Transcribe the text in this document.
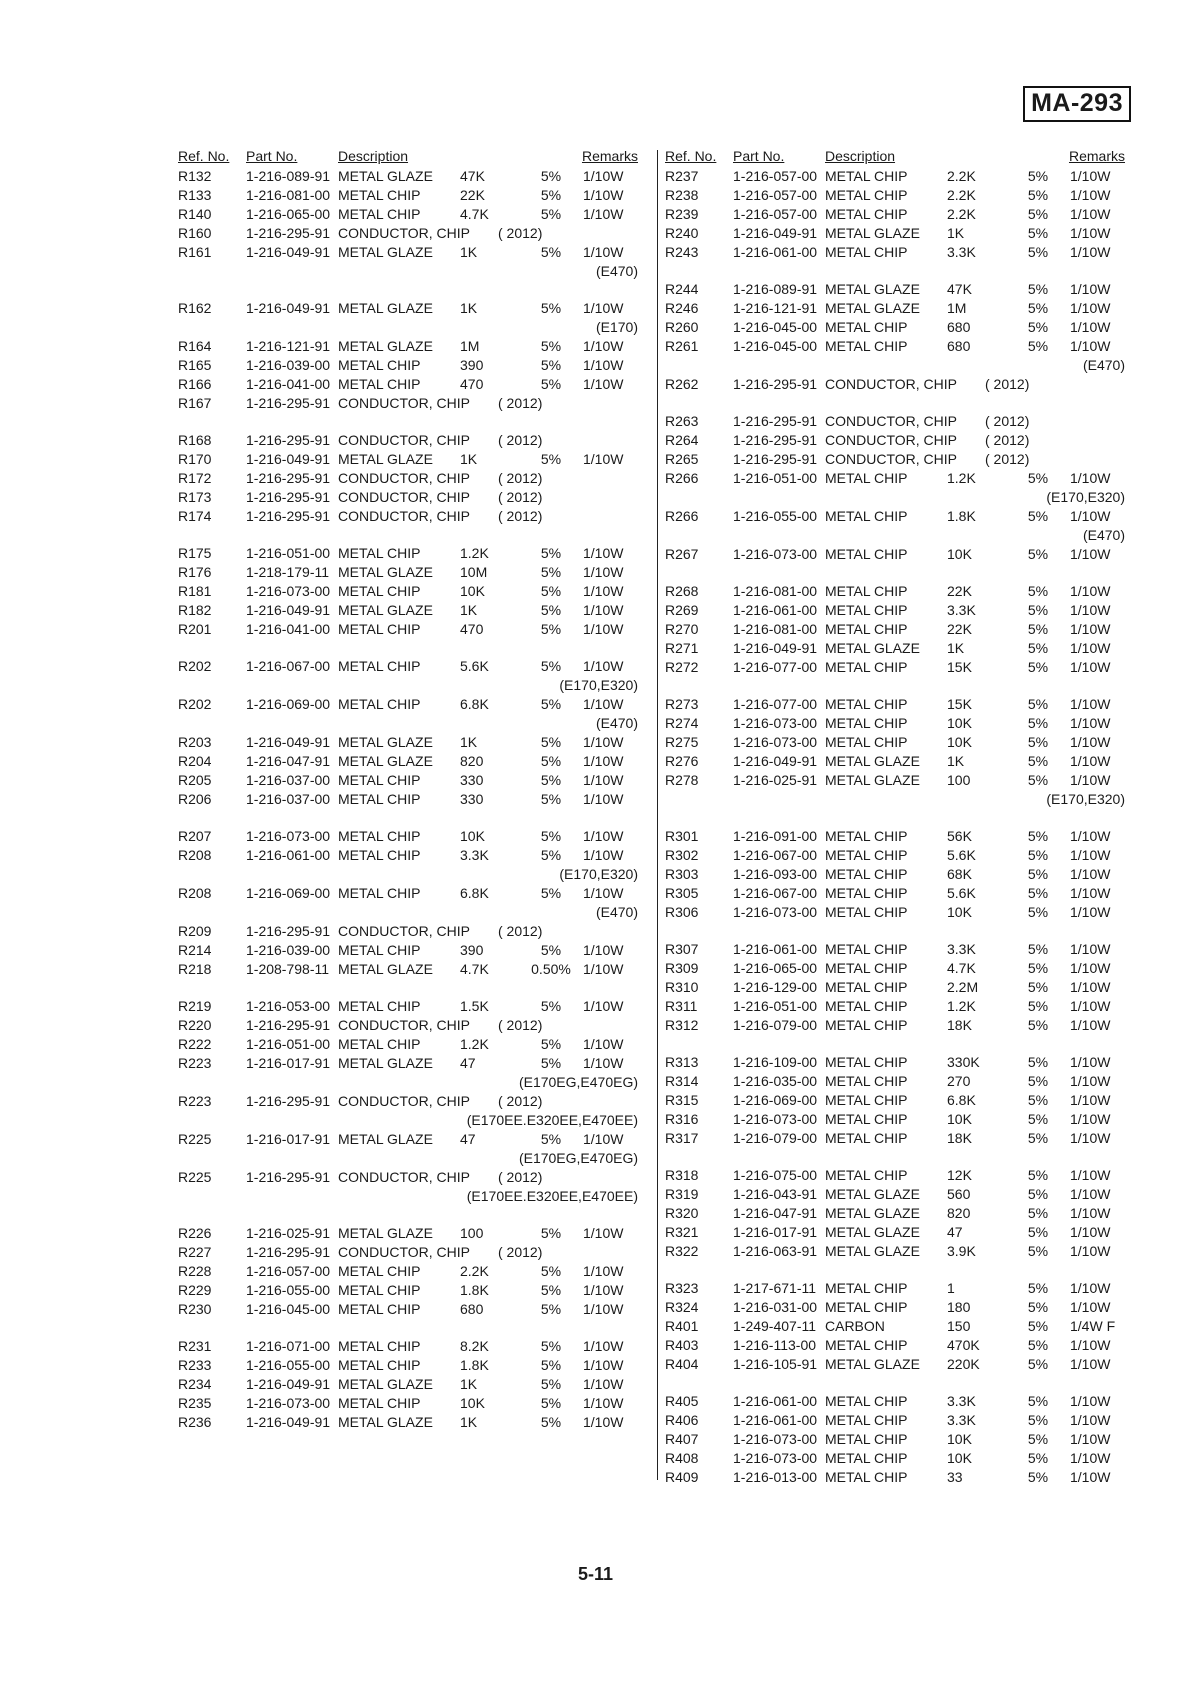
MA-293
Ref. No. Part No.	Description	Remarks
R132 1-216-089-91 METAL GLAZE 47K	5%	1/10W
R133 1-216-081-00 METAL CHIP	22K	5%	1/10W
R140 1-216-065-00 METAL CHIP	4.7K	5%	1/10W
R160 1-216-295-91 CONDUCTOR, CHIP ( 2012)
R161 1-216-049-91 METAL GLAZE 1K	5%	1/10W
(E470)
R162 1-216-049-91 METAL GLAZE 1K	5%	1/10W
(E170)
R164 1-216-121-91 METAL GLAZE 1M	5%	1/10W
R165 1-216-039-00 METAL CHIP	390	5%	1/10W
R166 1-216-041-00 METAL CHIP	470	5%	1/10W
R167 1-216-295-91 CONDUCTOR, CHIP ( 2012)
R168 1-216-295-91 CONDUCTOR, CHIP ( 2012)
R170 1-216-049-91 METAL GLAZE 1K	5%	1/10W
R172 1-216-295-91 CONDUCTOR, CHIP ( 2012)
R173 1-216-295-91 CONDUCTOR, CHIP ( 2012)
R174 1-216-295-91 CONDUCTOR, CHIP ( 2012)
R175 1-216-051-00 METAL CHIP	1.2K	5%	1/10W
R176 1-218-179-11 METAL GLAZE 10M	5%	1/10W
R181 1-216-073-00 METAL CHIP	10K	5%	1/10W
R182 1-216-049-91 METAL GLAZE 1K	5%	1/10W
R201 1-216-041-00 METAL CHIP	470	5%	1/10W
R202 1-216-067-00 METAL CHIP	5.6K	5%	1/10W
(E170,E320)
R202 1-216-069-00 METAL CHIP	6.8K	5%	1/10W
(E470)
R203 1-216-049-91 METAL GLAZE 1K	5%	1/10W
R204 1-216-047-91 METAL GLAZE 820	5%	1/10W
R205 1-216-037-00 METAL CHIP	330	5%	1/10W
R206 1-216-037-00 METAL CHIP	330	5%	1/10W
R207 1-216-073-00 METAL CHIP	10K	5%	1/10W
R208 1-216-061-00 METAL CHIP	3.3K	5%	1/10W
(E170,E320)
R208 1-216-069-00 METAL CHIP	6.8K	5%	1/10W
(E470)
R209 1-216-295-91 CONDUCTOR, CHIP ( 2012)
R214 1-216-039-00 METAL CHIP	390	5%	1/10W
R218 1-208-798-11 METAL GLAZE 4.7K	0.50% 1/10W
R219 1-216-053-00 METAL CHIP	1.5K	5%	1/10W
R220 1-216-295-91 CONDUCTOR, CHIP ( 2012)
R222 1-216-051-00 METAL CHIP	1.2K	5%	1/10W
R223 1-216-017-91 METAL GLAZE 47	5%	1/10W
(E170EG,E470EG)
R223 1-216-295-91 CONDUCTOR, CHIP ( 2012)
(E170EE.E320EE,E470EE)
R225 1-216-017-91 METAL GLAZE 47	5%	1/10W
(E170EG,E470EG)
R225 1-216-295-91 CONDUCTOR, CHIP ( 2012)
(E170EE.E320EE,E470EE)
R226 1-216-025-91 METAL GLAZE 100	5%	1/10W
R227 1-216-295-91 CONDUCTOR, CHIP ( 2012)
R228 1-216-057-00 METAL CHIP	2.2K	5%	1/10W
R229 1-216-055-00 METAL CHIP	1.8K	5%	1/10W
R230 1-216-045-00 METAL CHIP	680	5%	1/10W
R231 1-216-071-00 METAL CHIP	8.2K	5%	1/10W
R233 1-216-055-00 METAL CHIP	1.8K	5%	1/10W
R234 1-216-049-91 METAL GLAZE 1K	5%	1/10W
R235 1-216-073-00 METAL CHIP	10K	5%	1/10W
R236 1-216-049-91 METAL GLAZE 1K	5%	1/10W
Ref. No. Part No.	Description	Remarks
R237 1-216-057-00 METAL CHIP	2.2K	5%	1/10W
R238 1-216-057-00 METAL CHIP	2.2K	5%	1/10W
R239 1-216-057-00 METAL CHIP	2.2K	5%	1/10W
R240 1-216-049-91 METAL GLAZE 1K	5%	1/10W
R243 1-216-061-00 METAL CHIP	3.3K	5%	1/10W
R244 1-216-089-91 METAL GLAZE 47K	5%	1/10W
R246 1-216-121-91 METAL GLAZE 1M	5%	1/10W
R260 1-216-045-00 METAL CHIP	680	5%	1/10W
R261 1-216-045-00 METAL CHIP	680	5%	1/10W
(E470)
R262 1-216-295-91 CONDUCTOR, CHIP ( 2012)
R263 1-216-295-91 CONDUCTOR, CHIP ( 2012)
R264 1-216-295-91 CONDUCTOR, CHIP ( 2012)
R265 1-216-295-91 CONDUCTOR, CHIP ( 2012)
R266 1-216-051-00 METAL CHIP	1.2K	5%	1/10W
(E170,E320)
R266 1-216-055-00 METAL CHIP	1.8K	5%	1/10W
(E470)
R267 1-216-073-00 METAL CHIP	10K	5%	1/10W
R268 1-216-081-00 METAL CHIP	22K	5%	1/10W
R269 1-216-061-00 METAL CHIP	3.3K	5%	1/10W
R270 1-216-081-00 METAL CHIP	22K	5%	1/10W
R271 1-216-049-91 METAL GLAZE 1K	5%	1/10W
R272 1-216-077-00 METAL CHIP	15K	5%	1/10W
R273 1-216-077-00 METAL CHIP	15K	5%	1/10W
R274 1-216-073-00 METAL CHIP	10K	5%	1/10W
R275 1-216-073-00 METAL CHIP	10K	5%	1/10W
R276 1-216-049-91 METAL GLAZE 1K	5%	1/10W
R278 1-216-025-91 METAL GLAZE 100	5%	1/10W
(E170,E320)
R301 1-216-091-00 METAL CHIP	56K	5%	1/10W
R302 1-216-067-00 METAL CHIP	5.6K	5%	1/10W
R303 1-216-093-00 METAL CHIP	68K	5%	1/10W
R305 1-216-067-00 METAL CHIP	5.6K	5%	1/10W
R306 1-216-073-00 METAL CHIP	10K	5%	1/10W
R307 1-216-061-00 METAL CHIP	3.3K	5%	1/10W
R309 1-216-065-00 METAL CHIP	4.7K	5%	1/10W
R310 1-216-129-00 METAL CHIP	2.2M	5%	1/10W
R311	1-216-051-00 METAL CHIP	1.2K	5%	1/10W
R312 1-216-079-00 METAL CHIP	18K	5%	1/10W
R313 1-216-109-00 METAL CHIP	330K	5%	1/10W
R314 1-216-035-00 METAL CHIP	270	5%	1/10W
R315 1-216-069-00 METAL CHIP	6.8K	5%	1/10W
R316 1-216-073-00 METAL CHIP	10K	5%	1/10W
R317 1-216-079-00 METAL CHIP	18K	5%	1/10W
R318 1-216-075-00 METAL CHIP	12K	5%	1/10W
R319 1-216-043-91 METAL GLAZE 560	5%	1/10W
R320 1-216-047-91 METAL GLAZE 820	5%	1/10W
R321 1-216-017-91 METAL GLAZE 47	5%	1/10W
R322 1-216-063-91 METAL GLAZE 3.9K	5%	1/10W
R323 1-217-671-11 METAL CHIP	1	5%	1/10W
R324 1-216-031-00 METAL CHIP	180	5%	1/10W
R401 1-249-407-11 CARBON	150	5%	1/4W F
R403 1-216-113-00 METAL CHIP	470K	5%	1/10W
R404 1-216-105-91 METAL GLAZE 220K	5%	1/10W
R405 1-216-061-00 METAL CHIP	3.3K	5%	1/10W
R406 1-216-061-00 METAL CHIP	3.3K	5%	1/10W
R407 1-216-073-00 METAL CHIP	10K	5%	1/10W
R408 1-216-073-00 METAL CHIP	10K	5%	1/10W
R409 1-216-013-00 METAL CHIP	33	5%	1/10W
5-11
